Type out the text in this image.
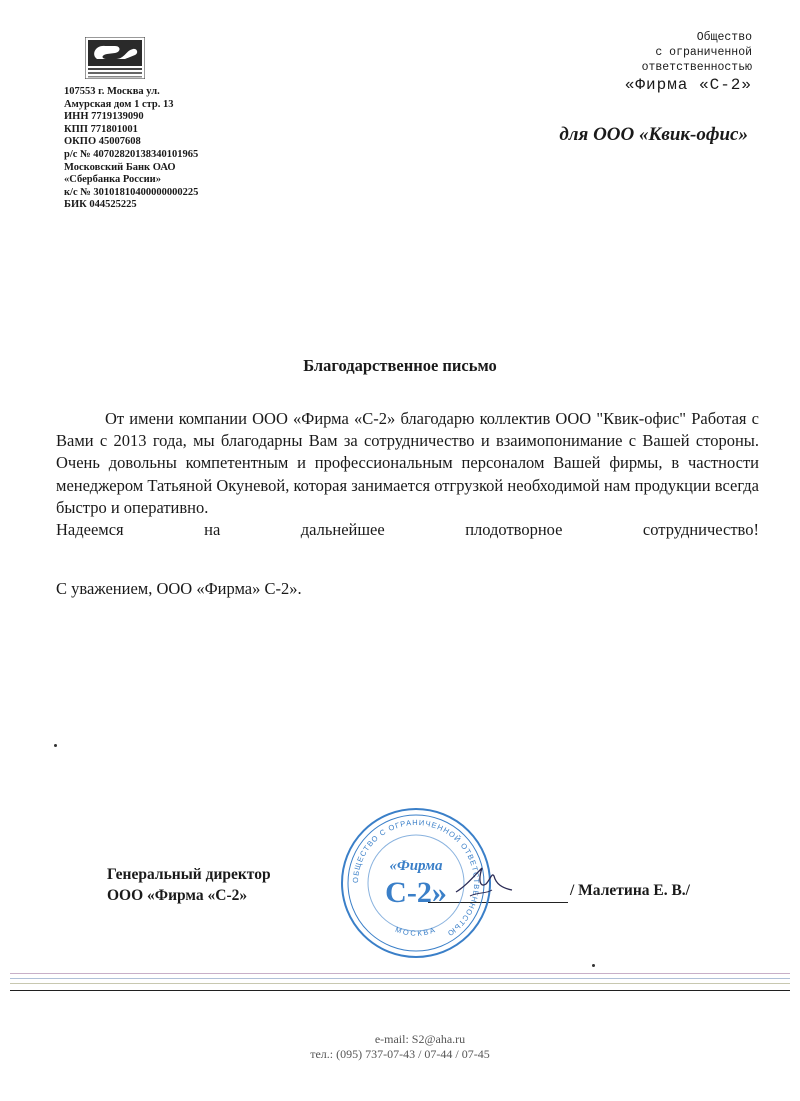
107553 г. Москва ул.
Амурская дом 1 стр. 13
ИНН 7719139090
КПП 771801001
ОКПО 45007608
р/с № 40702820138340101965
Московский Банк ОАО
«Сбербанка России»
к/с № 30101810400000000225
БИК 044525225
Общество
с ограниченной
ответственностью
«Фирма «С-2»
для ООО «Квик-офис»
Благодарственное письмо

От имени компании ООО «Фирма «С-2» благодарю коллектив ООО "Квик-офис" Работая с Вами с 2013 года, мы благодарны Вам за сотрудничество и взаимопонимание с Вашей стороны. Очень довольны компетентным и профессиональным персоналом Вашей фирмы, в частности менеджером Татьяной Окуневой, которая занимается отгрузкой необходимой нам продукции всегда быстро и оперативно.

Надеемся на дальнейшее плодотворное сотрудничество!

С уважением, ООО «Фирма» С-2».
Генеральный директор
ООО «Фирма «С-2»	/ Малетина Е. В./
ОБЩЕСТВО С ОГРАНИЧЕННОЙ ОТВЕТСТВЕННОСТЬЮ
МОСКВА
«Фирма
С-2»
e-mail: S2@aha.ru
тел.: (095) 737-07-43 / 07-44 / 07-45
